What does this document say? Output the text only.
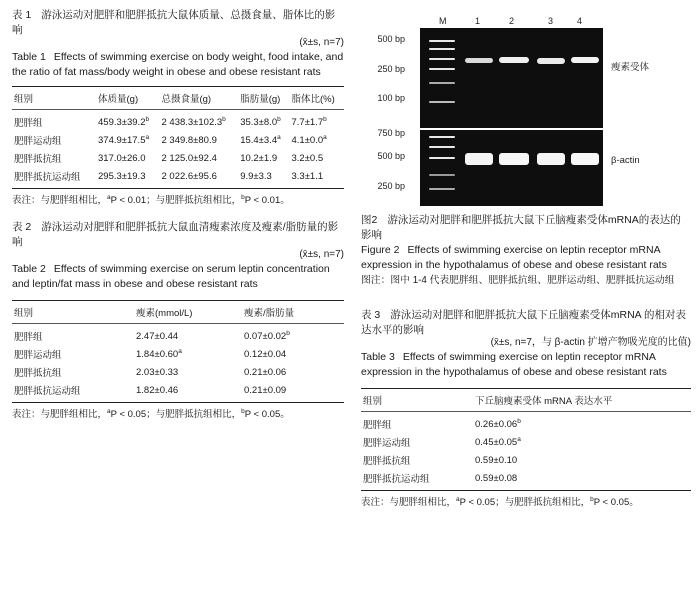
表 1 游泳运动对肥胖和肥胖抵抗大鼠体质量、总摄食量、脂体比的影响
(x̄±s, n=7)
Table 1 Effects of swimming exercise on body weight, food intake, and the ratio of fat mass/body weight in obese and obese resistant rats
组别	体质量(g)	总摄食量(g)	脂肪量(g)	脂体比(%)
肥胖组	459.3±39.2$^b$	2 438.3±102.3$^b$	35.3±8.0$^b$	7.7±1.7$^b$
肥胖运动组	374.9±17.5$^a$	2 349.8±80.9	15.4±3.4$^a$	4.1±0.0$^a$
肥胖抵抗组	317.0±26.0	2 125.0±92.4	10.2±1.9	3.2±0.5
肥胖抵抗运动组	295.3±19.3	2 022.6±95.6	9.9±3.3	3.3±1.1
表注：与肥胖组相比，$^a$P < 0.01；与肥胖抵抗组相比，$^b$P < 0.01。
表 2 游泳运动对肥胖和肥胖抵抗大鼠血清瘦素浓度及瘦素/脂肪量的影响
(x̄±s, n=7)
Table 2 Effects of swimming exercise on serum leptin concentration and leptin/fat mass in obese and obese resistant rats
组别	瘦素(mmol/L)	瘦素/脂肪量
肥胖组	2.47±0.44	0.07±0.02$^b$
肥胖运动组	1.84±0.60$^a$	0.12±0.04
肥胖抵抗组	2.03±0.33	0.21±0.06
肥胖抵抗运动组	1.82±0.46	0.21±0.09
表注：与肥胖组相比，$^a$P < 0.05；与肥胖抵抗组相比，$^b$P < 0.05。
M	1	2	3	4
500 bp
250 bp
100 bp
瘦素受体
750 bp
500 bp
250 bp
β-actin
图2 游泳运动对肥胖和肥胖抵抗大鼠下丘脑瘦素受体mRNA的表达的影响
Figure 2 Effects of swimming exercise on leptin receptor mRNA expression in the hypothalamus of obese and obese resistant rats
图注：图中 1-4 代表肥胖组、肥胖抵抗组、肥胖运动组、肥胖抵抗运动组
表 3 游泳运动对肥胖和肥胖抵抗大鼠下丘脑瘦素受体mRNA 的相对表达水平的影响
(x̄±s, n=7，与 β-actin 扩增产物吸光度的比值)
Table 3 Effects of swimming exercise on leptin receptor mRNA expression in the hypothalamus of obese and obese resistant rats
组别	下丘脑瘦素受体 mRNA 表达水平
肥胖组	0.26±0.06$^b$
肥胖运动组	0.45±0.05$^a$
肥胖抵抗组	0.59±0.10
肥胖抵抗运动组	0.59±0.08
表注：与肥胖组相比，$^a$P < 0.05；与肥胖抵抗组相比，$^b$P < 0.05。
